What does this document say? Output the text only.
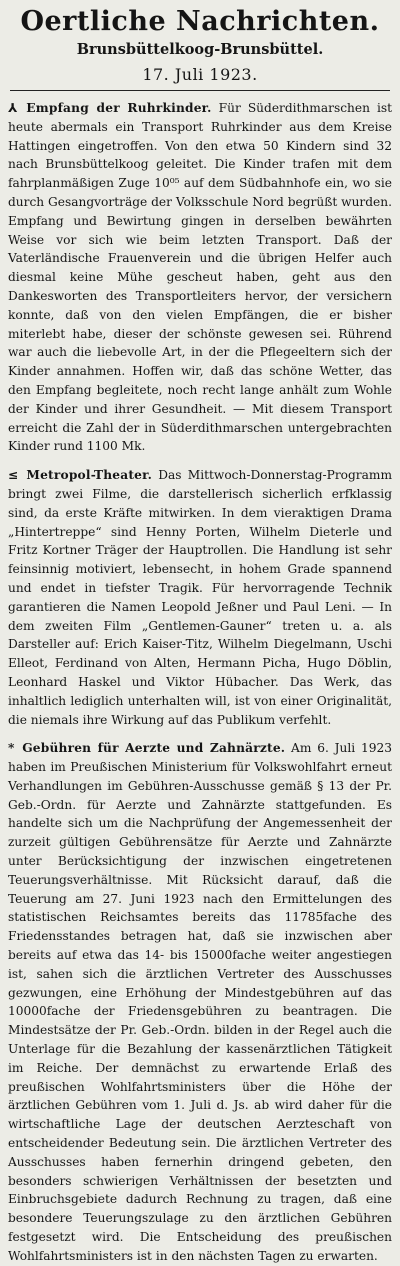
Oertliche Nachrichten.
Brunsbüttelkoog-Brunsbüttel.
17. Juli 1923.

⅄ Empfang der Ruhrkinder. Für Süderdithmarschen ist heute abermals ein Transport Ruhrkinder aus dem Kreise Hattingen eingetroffen. Von den etwa 50 Kindern sind 32 nach Brunsbüttelkoog geleitet. Die Kinder trafen mit dem fahrplanmäßigen Zuge 10⁰⁵ auf dem Südbahnhofe ein, wo sie durch Gesangvorträge der Volksschule Nord begrüßt wurden. Empfang und Bewirtung gingen in derselben bewährten Weise vor sich wie beim letzten Transport. Daß der Vaterländische Frauenverein und die übrigen Helfer auch diesmal keine Mühe gescheut haben, geht aus den Dankesworten des Transportleiters hervor, der versichern konnte, daß von den vielen Empfängen, die er bisher miterlebt habe, dieser der schönste gewesen sei. Rührend war auch die liebevolle Art, in der die Pflegeeltern sich der Kinder annahmen. Hoffen wir, daß das schöne Wetter, das den Empfang begleitete, noch recht lange anhält zum Wohle der Kinder und ihrer Gesundheit. — Mit diesem Transport erreicht die Zahl der in Süderdithmarschen untergebrachten Kinder rund 1100 Mk.

≤ Metropol-Theater. Das Mittwoch-Donnerstag-Programm bringt zwei Filme, die darstellerisch sicherlich erfklassig sind, da erste Kräfte mitwirken. In dem vieraktigen Drama „Hintertreppe“ sind Henny Porten, Wilhelm Dieterle und Fritz Kortner Träger der Hauptrollen. Die Handlung ist sehr feinsinnig motiviert, lebensecht, in hohem Grade spannend und endet in tiefster Tragik. Für hervorragende Technik garantieren die Namen Leopold Jeßner und Paul Leni. — In dem zweiten Film „Gentlemen-Gauner“ treten u. a. als Darsteller auf: Erich Kaiser-Titz, Wilhelm Diegelmann, Uschi Elleot, Ferdinand von Alten, Hermann Picha, Hugo Döblin, Leonhard Haskel und Viktor Hübacher. Das Werk, das inhaltlich lediglich unterhalten will, ist von einer Originalität, die niemals ihre Wirkung auf das Publikum verfehlt.

* Gebühren für Aerzte und Zahnärzte. Am 6. Juli 1923 haben im Preußischen Ministerium für Volkswohlfahrt erneut Verhandlungen im Gebühren-Ausschusse gemäß § 13 der Pr. Geb.-Ordn. für Aerzte und Zahnärzte stattgefunden. Es handelte sich um die Nachprüfung der Angemessenheit der zurzeit gültigen Gebührensätze für Aerzte und Zahnärzte unter Berücksichtigung der inzwischen eingetretenen Teuerungsverhältnisse. Mit Rücksicht darauf, daß die Teuerung am 27. Juni 1923 nach den Ermittelungen des statistischen Reichsamtes bereits das 11785fache des Friedensstandes betragen hat, daß sie inzwischen aber bereits auf etwa das 14- bis 15000fache weiter angestiegen ist, sahen sich die ärztlichen Vertreter des Ausschusses gezwungen, eine Erhöhung der Mindestgebühren auf das 10000fache der Friedensgebühren zu beantragen. Die Mindestsätze der Pr. Geb.-Ordn. bilden in der Regel auch die Unterlage für die Bezahlung der kassenärztlichen Tätigkeit im Reiche. Der demnächst zu erwartende Erlaß des preußischen Wohlfahrtsministers über die Höhe der ärztlichen Gebühren vom 1. Juli d. Js. ab wird daher für die wirtschaftliche Lage der deutschen Aerzteschaft von entscheidender Bedeutung sein. Die ärztlichen Vertreter des Ausschusses haben fernerhin dringend gebeten, den besonders schwierigen Verhältnissen der besetzten und Einbruchsgebiete dadurch Rechnung zu tragen, daß eine besondere Teuerungszulage zu den ärztlichen Gebühren festgesetzt wird. Die Entscheidung des preußischen Wohlfahrtsministers ist in den nächsten Tagen zu erwarten.
